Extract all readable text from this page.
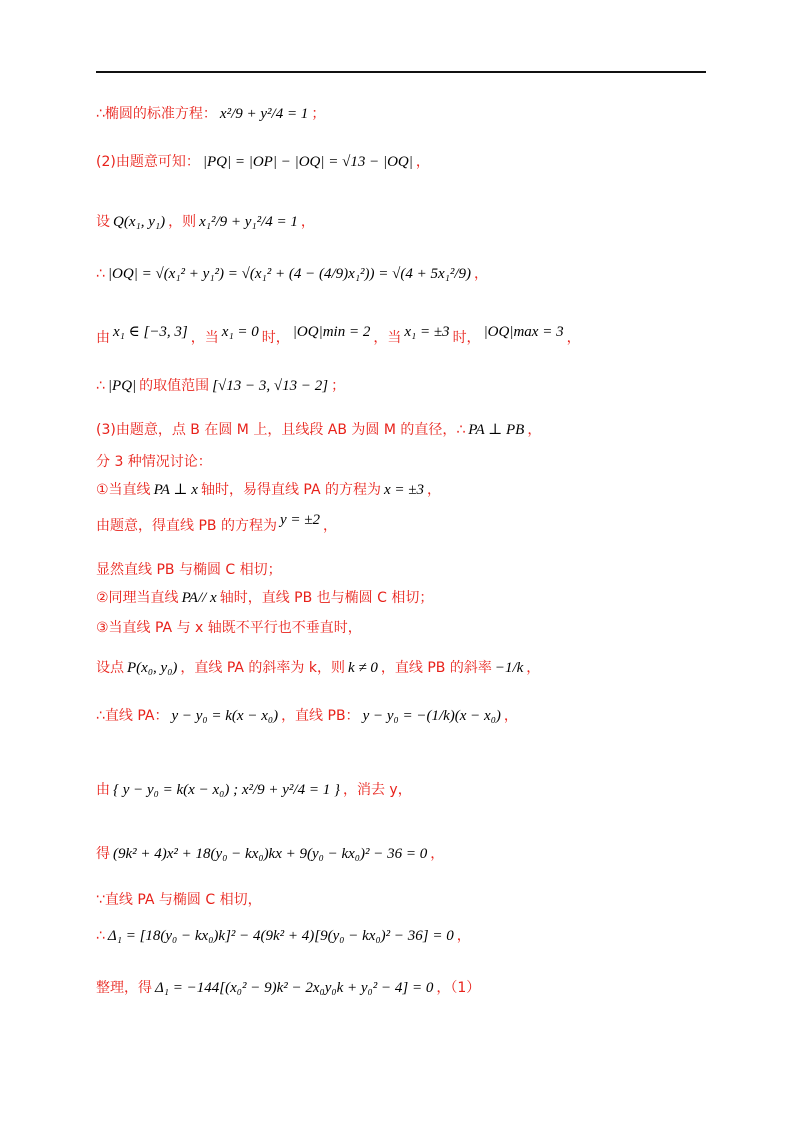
∴椭圆的标准方程： x²/9 + y²/4 = 1 ；
(2)由题意可知： |PQ| = |OP| − |OQ| = √13 − |OQ| ，
设 Q(x₁, y₁) ，则 x₁²/9 + y₁²/4 = 1 ，
∴ |OQ| = √(x₁² + y₁²) = √(x₁² + (4 − (4/9)x₁²)) = √(4 + 5x₁²/9) ，
由 x₁ ∈ [−3, 3] ，当 x₁ = 0 时， |OQ|min = 2 ，当 x₁ = ±3 时， |OQ|max = 3 ，
∴ |PQ| 的取值范围 [√13 − 3, √13 − 2] ；
(3)由题意，点 B 在圆 M 上，且线段 AB 为圆 M 的直径，∴ PA ⊥ PB ，
分 3 种情况讨论：
①当直线 PA ⊥ x 轴时，易得直线 PA 的方程为 x = ±3 ，
由题意，得直线 PB 的方程为 y = ±2 ，
显然直线 PB 与椭圆 C 相切；
②同理当直线 PA// x 轴时，直线 PB 也与椭圆 C 相切；
③当直线 PA 与 x 轴既不平行也不垂直时，
设点 P(x₀, y₀) ，直线 PA 的斜率为 k，则 k ≠ 0 ，直线 PB 的斜率 −1/k ，
∴直线 PA： y − y₀ = k(x − x₀) ，直线 PB： y − y₀ = −(1/k)(x − x₀) ，
由 { y − y₀ = k(x − x₀) ; x²/9 + y²/4 = 1 } ，消去 y，
得 (9k² + 4)x² + 18(y₀ − kx₀)kx + 9(y₀ − kx₀)² − 36 = 0 ，
∵直线 PA 与椭圆 C 相切，
∴ Δ₁ = [18(y₀ − kx₀)k]² − 4(9k² + 4)[9(y₀ − kx₀)² − 36] = 0 ，
整理，得 Δ₁ = −144[(x₀² − 9)k² − 2x₀y₀k + y₀² − 4] = 0 ，（1）
